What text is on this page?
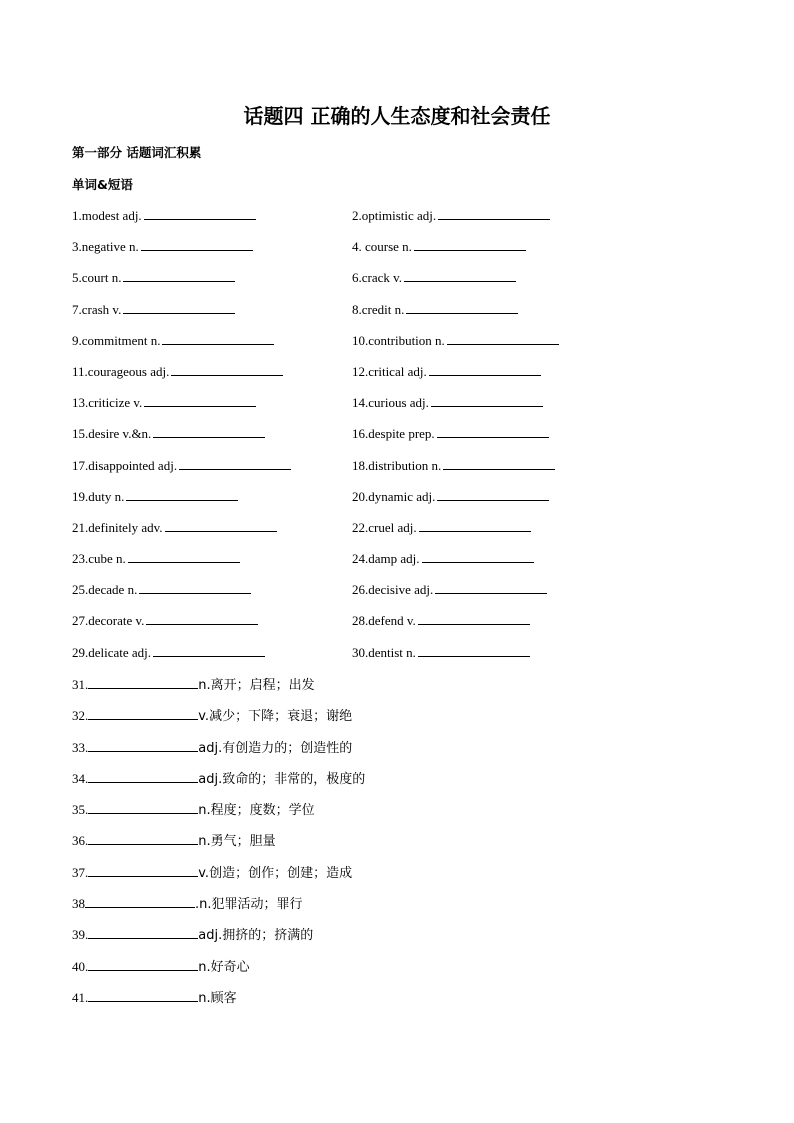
话题四 正确的人生态度和社会责任
第一部分 话题词汇积累
单词&短语
1.modest adj.	2.optimistic adj.
3.negative n.	4. course n.
5.court n.	6.crack v.
7.crash v.	8.credit n.
9.commitment n.	10.contribution n.
11.courageous adj.	12.critical adj.
13.criticize v.	14.curious adj.
15.desire v.&n.	16.despite prep.
17.disappointed adj.	18.distribution n.
19.duty n.	20.dynamic adj.
21.definitely adv.	22.cruel adj.
23.cube n.	24.damp adj.
25.decade n.	26.decisive adj.
27.decorate v.	28.defend v.
29.delicate adj.	30.dentist n.
31.	n.离开；启程；出发
32.	v.减少；下降；衰退；谢绝
33.	adj.有创造力的；创造性的
34.	adj.致命的；非常的，极度的
35.	n.程度；度数；学位
36.	n.勇气；胆量
37.	v.创造；创作；创建；造成
38	.n.犯罪活动；罪行
39.	adj.拥挤的；挤满的
40.	n.好奇心
41.	n.顾客
